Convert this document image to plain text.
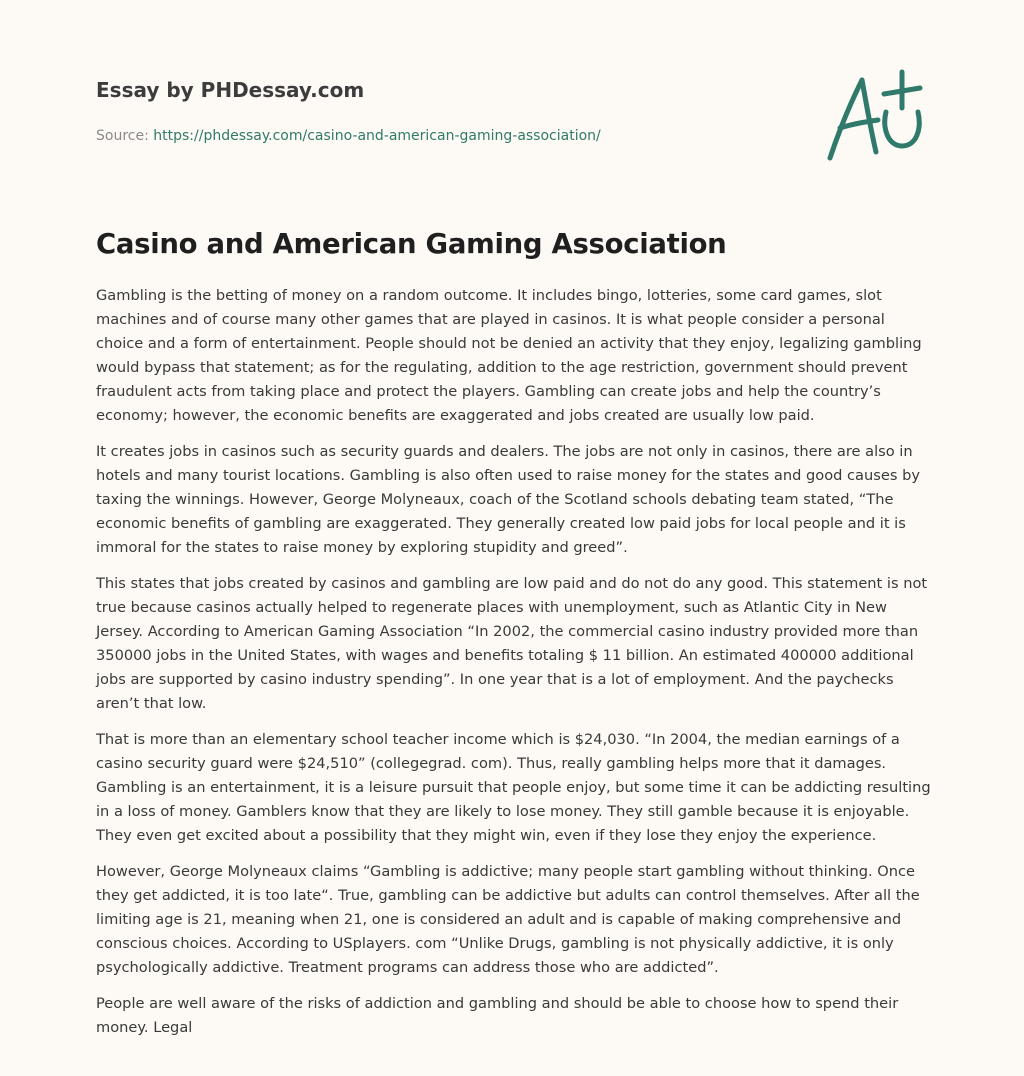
Essay by PHDessay.com
Source: https://phdessay.com/casino-and-american-gaming-association/
Casino and American Gaming Association

Gambling is the betting of money on a random outcome. It includes bingo, lotteries, some card games, slot machines and of course many other games that are played in casinos. It is what people consider a personal choice and a form of entertainment. People should not be denied an activity that they enjoy, legalizing gambling would bypass that statement; as for the regulating, addition to the age restriction, government should prevent fraudulent acts from taking place and protect the players. Gambling can create jobs and help the country’s economy; however, the economic benefits are exaggerated and jobs created are usually low paid.

It creates jobs in casinos such as security guards and dealers. The jobs are not only in casinos, there are also in hotels and many tourist locations. Gambling is also often used to raise money for the states and good causes by taxing the winnings. However, George Molyneaux, coach of the Scotland schools debating team stated, “The economic benefits of gambling are exaggerated. They generally created low paid jobs for local people and it is immoral for the states to raise money by exploring stupidity and greed”.

This states that jobs created by casinos and gambling are low paid and do not do any good. This statement is not true because casinos actually helped to regenerate places with unemployment, such as Atlantic City in New Jersey. According to American Gaming Association “In 2002, the commercial casino industry provided more than 350000 jobs in the United States, with wages and benefits totaling $ 11 billion. An estimated 400000 additional jobs are supported by casino industry spending”. In one year that is a lot of employment. And the paychecks aren’t that low.

That is more than an elementary school teacher income which is $24,030. “In 2004, the median earnings of a casino security guard were $24,510” (collegegrad. com). Thus, really gambling helps more that it damages. Gambling is an entertainment, it is a leisure pursuit that people enjoy, but some time it can be addicting resulting in a loss of money. Gamblers know that they are likely to lose money. They still gamble because it is enjoyable. They even get excited about a possibility that they might win, even if they lose they enjoy the experience.

However, George Molyneaux claims “Gambling is addictive; many people start gambling without thinking. Once they get addicted, it is too late“. True, gambling can be addictive but adults can control themselves. After all the limiting age is 21, meaning when 21, one is considered an adult and is capable of making comprehensive and conscious choices. According to USplayers. com “Unlike Drugs, gambling is not physically addictive, it is only psychologically addictive. Treatment programs can address those who are addicted”.

People are well aware of the risks of addiction and gambling and should be able to choose how to spend their money. Legal
